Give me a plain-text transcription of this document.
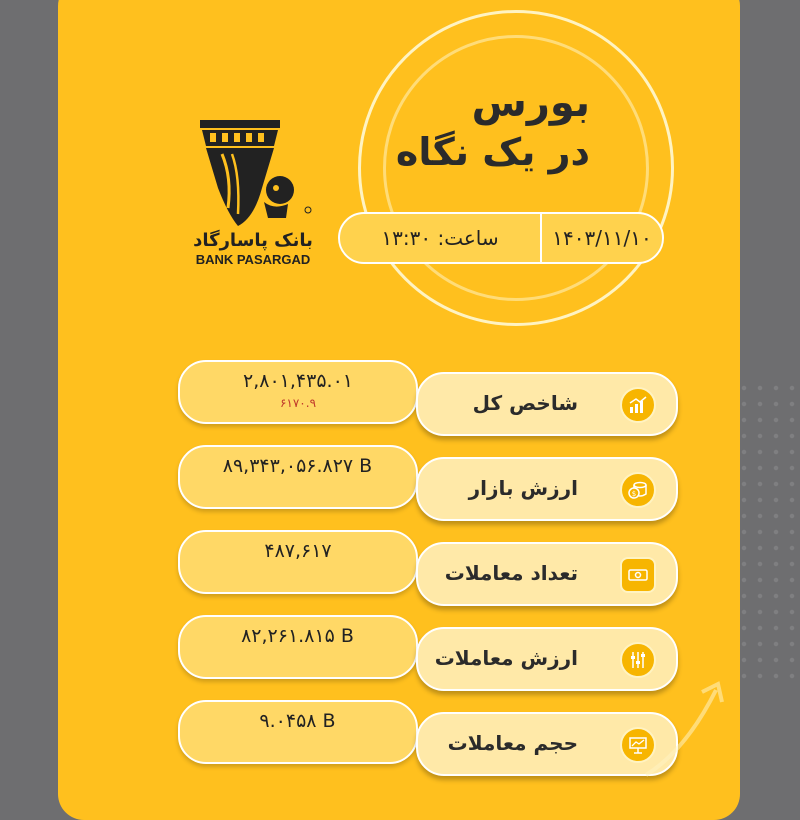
بانک پاسارگاد
BANK PASARGAD
بورس
در یک نگاه
۱۴۰۳/۱۱/۱۰
ساعت: ۱۳:۳۰
۲,۸۰۱,۴۳۵.۰۱
۶۱۷۰.۹	شاخص کل
۸۹,۳۴۳,۰۵۶.۸۲۷ B
ارزش بازار	$
۴۸۷,۶۱۷
تعداد معاملات
۸۲,۲۶۱.۸۱۵ B
ارزش معاملات
۹.۰۴۵۸ B
حجم معاملات
